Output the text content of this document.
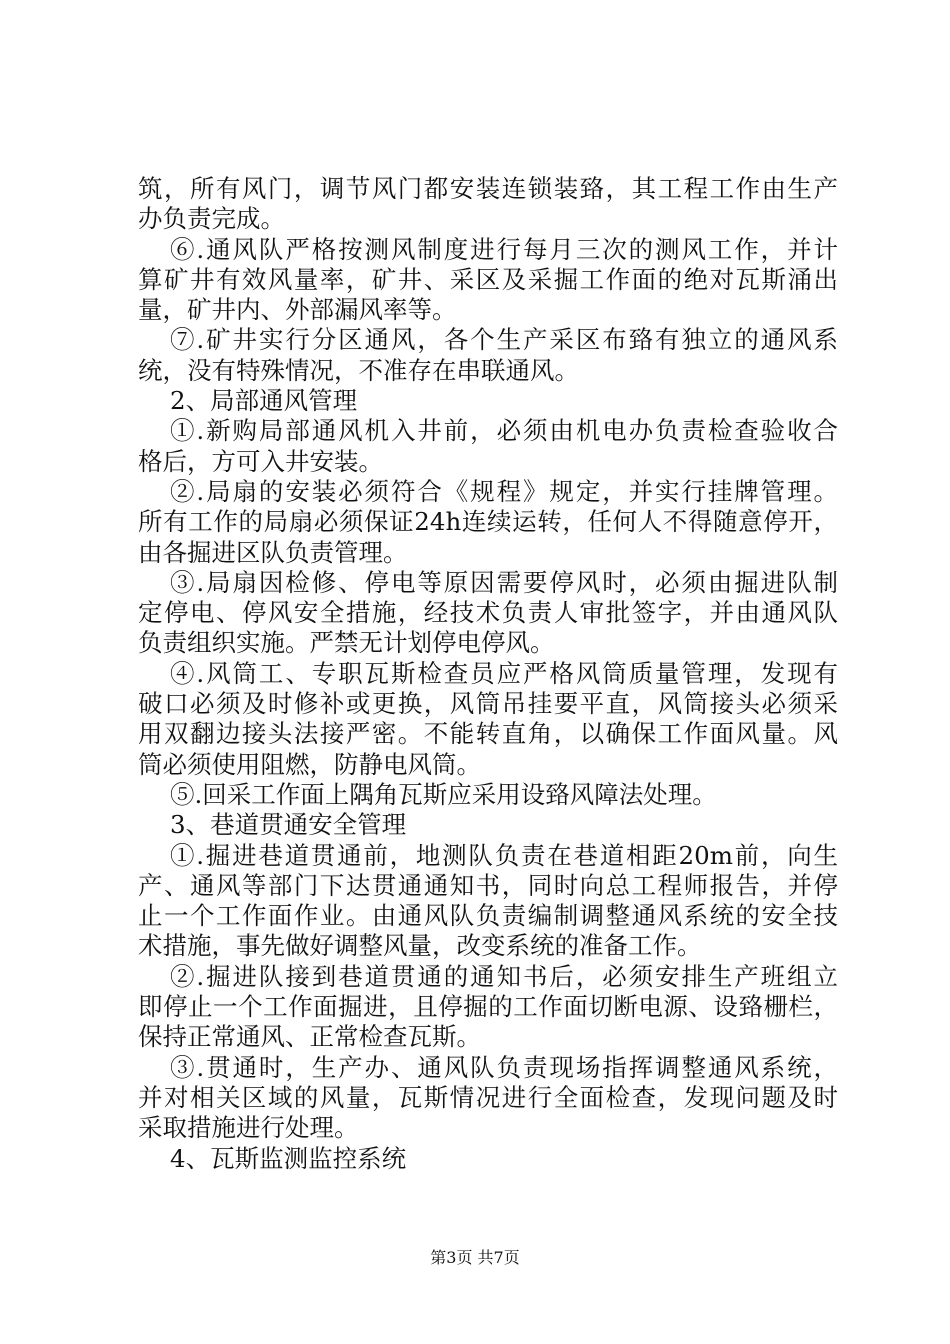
筑，所有风门，调节风门都安装连锁装臵，其工程工作由生产
办负责完成。
⑥.通风队严格按测风制度进行每月三次的测风工作，并计
算矿井有效风量率，矿井、采区及采掘工作面的绝对瓦斯涌出
量，矿井内、外部漏风率等。
⑦.矿井实行分区通风，各个生产采区布臵有独立的通风系
统，没有特殊情况，不准存在串联通风。
2、局部通风管理
①.新购局部通风机入井前，必须由机电办负责检查验收合
格后，方可入井安装。
②.局扇的安装必须符合《规程》规定，并实行挂牌管理。
所有工作的局扇必须保证24h连续运转，任何人不得随意停开，
由各掘进区队负责管理。
③.局扇因检修、停电等原因需要停风时，必须由掘进队制
定停电、停风安全措施，经技术负责人审批签字，并由通风队
负责组织实施。严禁无计划停电停风。
④.风筒工、专职瓦斯检查员应严格风筒质量管理，发现有
破口必须及时修补或更换，风筒吊挂要平直，风筒接头必须采
用双翻边接头法接严密。不能转直角，以确保工作面风量。风
筒必须使用阻燃，防静电风筒。
⑤.回采工作面上隅角瓦斯应采用设臵风障法处理。
3、巷道贯通安全管理
①.掘进巷道贯通前，地测队负责在巷道相距20m前，向生
产、通风等部门下达贯通通知书，同时向总工程师报告，并停
止一个工作面作业。由通风队负责编制调整通风系统的安全技
术措施，事先做好调整风量，改变系统的准备工作。
②.掘进队接到巷道贯通的通知书后，必须安排生产班组立
即停止一个工作面掘进，且停掘的工作面切断电源、设臵栅栏，
保持正常通风、正常检查瓦斯。
③.贯通时，生产办、通风队负责现场指挥调整通风系统，
并对相关区域的风量，瓦斯情况进行全面检查，发现问题及时
采取措施进行处理。
4、瓦斯监测监控系统
第3页 共7页
